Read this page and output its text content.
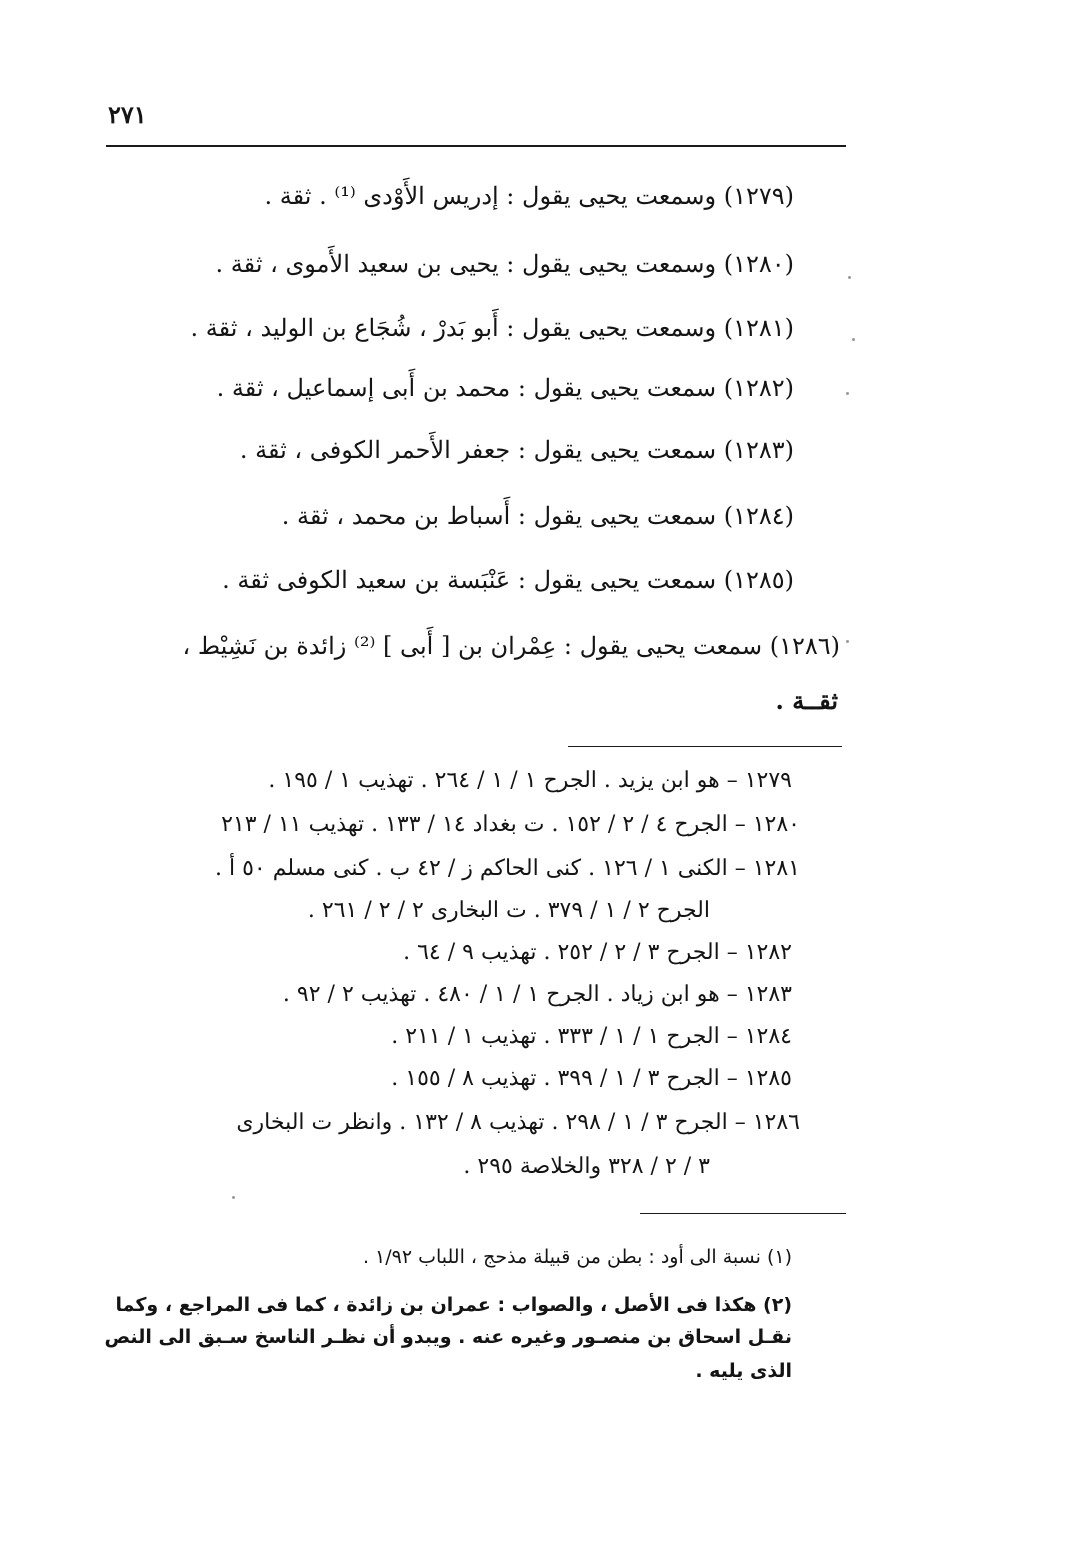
٢٧١
(١٢٧٩) وسمعت يحيى يقول : إدريس الأَوْدى ⁽¹⁾ . ثقة .
(١٢٨٠) وسمعت يحيى يقول : يحيى بن سعيد الأَموى ، ثقة .
(١٢٨١) وسمعت يحيى يقول : أَبو بَدرْ ، شُجَاع بن الوليد ، ثقة .
(١٢٨٢) سمعت يحيى يقول : محمد بن أَبى إسماعيل ، ثقة .
(١٢٨٣) سمعت يحيى يقول : جعفر الأَحمر الكوفى ، ثقة .
(١٢٨٤) سمعت يحيى يقول : أَسباط بن محمد ، ثقة .
(١٢٨٥) سمعت يحيى يقول : عَنْبَسة بن سعيد الكوفى ثقة .
(١٢٨٦) سمعت يحيى يقول : عِمْران بن [ أَبى ] ⁽²⁾ زائدة بن نَشِيْط ،
ثقــة .
١٢٧٩ – هو ابن يزيد . الجرح ١ / ١ / ٢٦٤ . تهذيب ١ / ١٩٥ .
١٢٨٠ – الجرح ٤ / ٢ / ١٥٢ . ت بغداد ١٤ / ١٣٣ . تهذيب ١١ / ٢١٣
١٢٨١ – الكنى ١ / ١٢٦ . كنى الحاكم ز / ٤٢ ب . كنى مسلم ٥٠ أ .
الجرح ٢ / ١ / ٣٧٩ . ت البخارى ٢ / ٢ / ٢٦١ .
١٢٨٢ – الجرح ٣ / ٢ / ٢٥٢ . تهذيب ٩ / ٦٤ .
١٢٨٣ – هو ابن زياد . الجرح ١ / ١ / ٤٨٠ . تهذيب ٢ / ٩٢ .
١٢٨٤ – الجرح ١ / ١ / ٣٣٣ . تهذيب ١ / ٢١١ .
١٢٨٥ – الجرح ٣ / ١ / ٣٩٩ . تهذيب ٨ / ١٥٥ .
١٢٨٦ – الجرح ٣ / ١ / ٢٩٨ . تهذيب ٨ / ١٣٢ . وانظر ت البخارى
٣ / ٢ / ٣٢٨ والخلاصة ٢٩٥ .
(١) نسبة الى أود : بطن من قبيلة مذحج ، اللباب ١/٩٢ .
(٢) هكذا فى الأصل ، والصواب : عمران بن زائدة ، كما فى المراجع ، وكما
نقـل اسحاق بن منصـور وغيره عنه . ويبدو أن نظـر الناسخ سـبق الى النص
الذى يليه .
